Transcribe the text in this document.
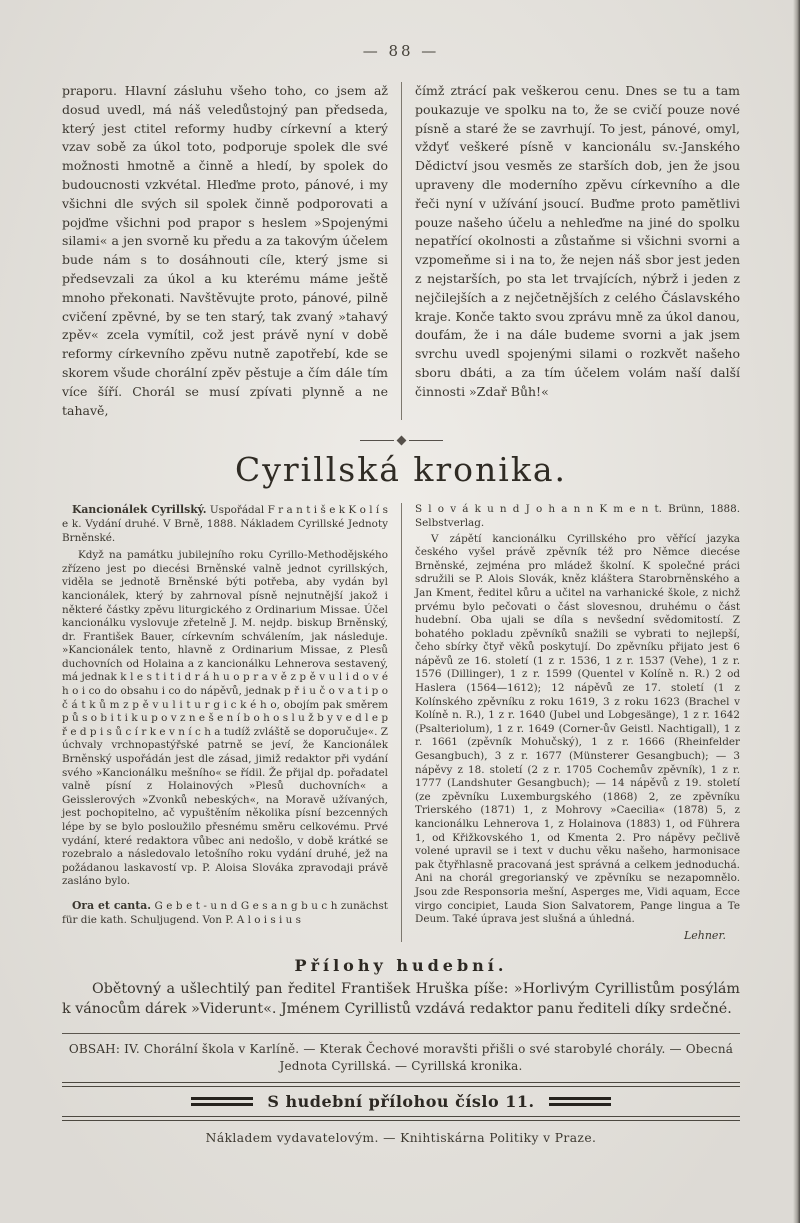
— 88 —

praporu. Hlavní zásluhu všeho toho, co jsem až dosud uvedl, má náš veledůstojný pan předseda, který jest ctitel reformy hudby církevní a který vzav sobě za úkol toto, podporuje spolek dle své možnosti hmotně a činně a hledí, by spolek do budoucnosti vzkvétal. Hleďme proto, pánové, i my všichni dle svých sil spolek činně podporovati a pojďme všichni pod prapor s heslem »Spojenými silami« a jen svorně ku předu a za takovým účelem bude nám s to dosáhnouti cíle, který jsme si předsevzali za úkol a ku kterému máme ještě mnoho překonati. Navštěvujte proto, pánové, pilně cvičení zpěvné, by se ten starý, tak zvaný »tahavý zpěv« zcela vymítil, což jest právě nyní v době reformy církevního zpěvu nutně zapotřebí, kde se skorem všude chorální zpěv pěstuje a čím dále tím více šíří. Chorál se musí zpívati plynně a ne tahavě,

čímž ztrácí pak veškerou cenu. Dnes se tu a tam poukazuje ve spolku na to, že se cvičí pouze nové písně a staré že se zavrhují. To jest, pánové, omyl, vždyť veškeré písně v kancionálu sv.-Janského Dědictví jsou vesměs ze starších dob, jen že jsou upraveny dle moderního zpěvu církevního a dle řeči nyní v užívání jsoucí. Buďme proto pamětlivi pouze našeho účelu a nehleďme na jiné do spolku nepatřící okolnosti a zůstaňme si všichni svorni a vzpomeňme si i na to, že nejen náš sbor jest jeden z nejstarších, po sta let trvajících, nýbrž i jeden z nejčilejších a z nejčetnějších z celého Čáslavského kraje. Konče takto svou zprávu mně za úkol danou, doufám, že i na dále budeme svorni a jak jsem svrchu uvedl spojenými silami o rozkvět našeho sboru dbáti, a za tím účelem volám naší další činnosti »Zdař Bůh!«

Cyrillská kronika.

Kancionálek Cyrillský. Uspořádal F r a n t i š e k K o l í s e k. Vydání druhé. V Brně, 1888. Nákladem Cyrillské Jednoty Brněnské.

Když na památku jubilejního roku Cyrillo-Methodějského zřízeno jest po diecési Brněnské valně jednot cyrillských, viděla se jednotě Brněnské býti potřeba, aby vydán byl kancionálek, který by zahrnoval písně nejnutnější jakož i některé částky zpěvu liturgického z Ordinarium Missae. Účel kancionálku vyslovuje zřetelně J. M. nejdp. biskup Brněnský, dr. František Bauer, církevním schválením, jak následuje. »Kancionálek tento, hlavně z Ordinarium Missae, z Plesů duchovních od Holaina a z kancionálku Lehnerova sestavený, má jednak k l e s t i t i d r á h u o p r a v ě z p ě v u l i d o v é h o i co do obsahu i co do nápěvů, jednak p ř i u č o v a t i p o č á t k ů m z p ě v u l i t u r g i c k é h o, obojím pak směrem p ů s o b i t i k u p o v z n e š e n í b o h o s l u ž b y v e d l e p ř e d p i s ů c í r k e v n í c h a tudíž zvláště se doporučuje«. Z úchvaly vrchnopastýřské patrně se jeví, že Kancionálek Brněnský uspořádán jest dle zásad, jimiž redaktor při vydání svého »Kancionálku mešního« se řídil. Že přijal dp. pořadatel valně písní z Holainových »Plesů duchovních« a Geisslerových »Zvonků nebeských«, na Moravě užívaných, jest pochopitelno, ač vypuštěním několika písní bezcenných lépe by se bylo posloužilo přesnému směru celkovému. Prvé vydání, které redaktora vůbec ani nedošlo, v době krátké se rozebralo a následovalo letošního roku vydání druhé, jež na požádanou laskavostí vp. P. Aloisa Slováka zpravodaji právě zasláno bylo.

Ora et canta. G e b e t - u n d G e s a n g b u c h zunächst für die kath. Schuljugend. Von P. A l o i s i u s

S l o v á k u n d J o h a n n K m e n t. Brünn, 1888. Selbstverlag.

V zápětí kancionálku Cyrillského pro věřící jazyka českého vyšel právě zpěvník též pro Němce diecése Brněnské, zejména pro mládež školní. K společné práci sdružili se P. Alois Slovák, kněz kláštera Starobrněnského a Jan Kment, ředitel kůru a učitel na varhanické škole, z nichž prvému bylo pečovati o část slovesnou, druhému o část hudební. Oba ujali se díla s nevšední svědomitostí. Z bohatého pokladu zpěvníků snažili se vybrati to nejlepší, čeho sbírky čtyř věků poskytují. Do zpěvníku přijato jest 6 nápěvů ze 16. století (1 z r. 1536, 1 z r. 1537 (Vehe), 1 z r. 1576 (Dillinger), 1 z r. 1599 (Quentel v Kolíně n. R.) 2 od Haslera (1564—1612); 12 nápěvů ze 17. století (1 z Kolínského zpěvníku z roku 1619, 3 z roku 1623 (Brachel v Kolíně n. R.), 1 z r. 1640 (Jubel und Lobgesänge), 1 z r. 1642 (Psalteriolum), 1 z r. 1649 (Corner-ův Geistl. Nachtigall), 1 z r. 1661 (zpěvník Mohučský), 1 z r. 1666 (Rheinfelder Gesangbuch), 3 z r. 1677 (Münsterer Gesangbuch); — 3 nápěvy z 18. století (2 z r. 1705 Cochemův zpěvník), 1 z r. 1777 (Landshuter Gesangbuch); — 14 nápěvů z 19. století (ze zpěvníku Luxemburgského (1868) 2, ze zpěvníku Trierského (1871) 1, z Mohrovy »Caecilia« (1878) 5, z kancionálku Lehnerova 1, z Holainova (1883) 1, od Führera 1, od Křižkovského 1, od Kmenta 2. Pro nápěvy pečlivě volené upravil se i text v duchu věku našeho, harmonisace pak čtyřhlasně pracovaná jest správná a celkem jednoduchá. Ani na chorál gregorianský ve zpěvníku se nezapomnělo. Jsou zde Responsoria mešní, Asperges me, Vidi aquam, Ecce virgo concipiet, Lauda Sion Salvatorem, Pange lingua a Te Deum. Také úprava jest slušná a úhledná.

Lehner.

Přílohy hudební.

Obětovný a ušlechtilý pan ředitel František Hruška píše: »Horlivým Cyrillistům posýlám k vánocům dárek »Viderunt«. Jménem Cyrillistů vzdává redaktor panu řediteli díky srdečné.

OBSAH: IV. Chorální škola v Karlíně. — Kterak Čechové moravšti přišli o své starobylé chorály. — Obecná Jednota Cyrillská. — Cyrillská kronika.

S hudební přílohou číslo 11.

Nákladem vydavatelovým. — Knihtiskárna Politiky v Praze.
